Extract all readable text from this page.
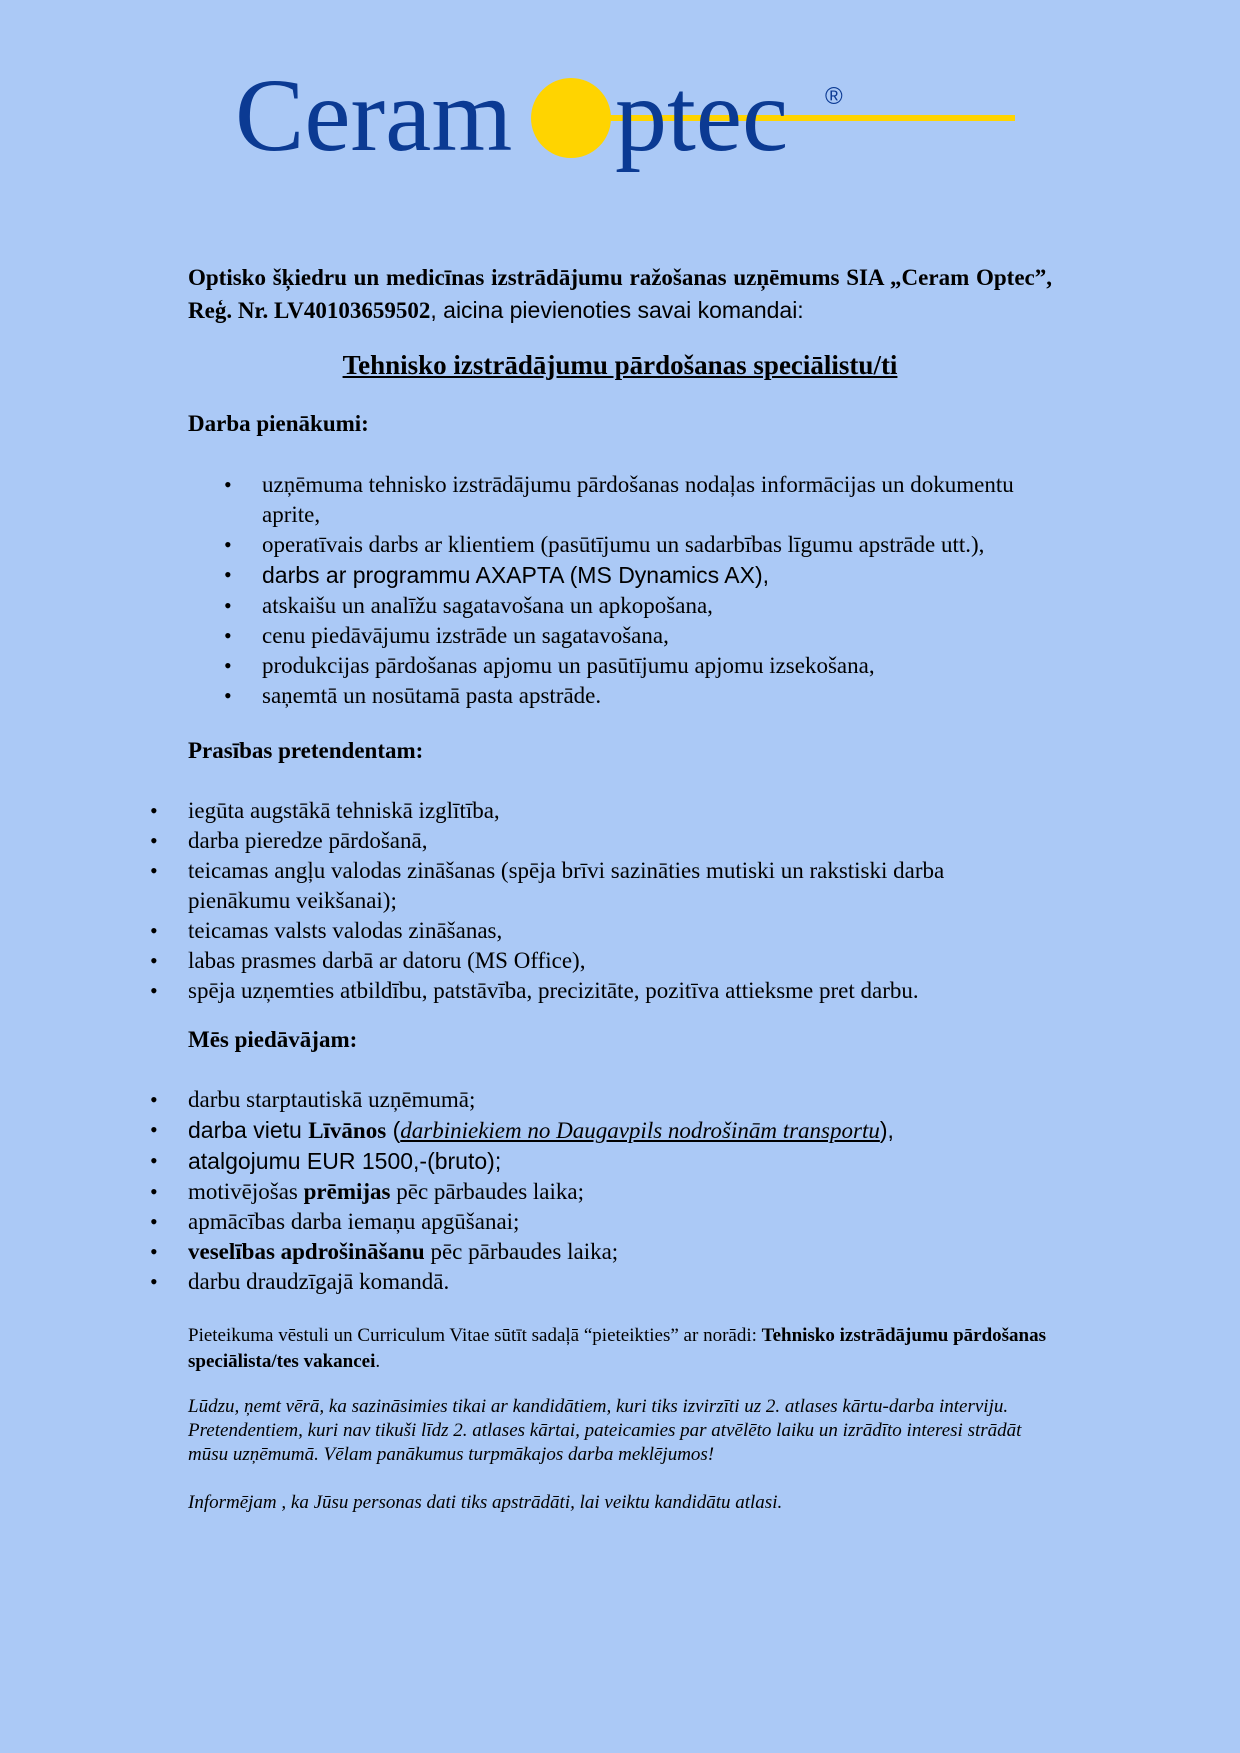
Ceram ptec ®
Optisko šķiedru un medicīnas izstrādājumu ražošanas uzņēmums SIA „Ceram Optec”, Reģ. Nr. LV40103659502, aicina pievienoties savai komandai:
Tehnisko izstrādājumu pārdošanas speciālistu/ti
Darba pienākumi:
• uzņēmuma tehnisko izstrādājumu pārdošanas nodaļas informācijas un dokumentu aprite,
• operatīvais darbs ar klientiem (pasūtījumu un sadarbības līgumu apstrāde utt.),
• darbs ar programmu AXAPTA (MS Dynamics AX),
• atskaišu un analīžu sagatavošana un apkopošana,
• cenu piedāvājumu izstrāde un sagatavošana,
• produkcijas pārdošanas apjomu un pasūtījumu apjomu izsekošana,
• saņemtā un nosūtamā pasta apstrāde.
Prasības pretendentam:
• iegūta augstākā tehniskā izglītība,
• darba pieredze pārdošanā,
• teicamas angļu valodas zināšanas (spēja brīvi sazināties mutiski un rakstiski darba pienākumu veikšanai);
• teicamas valsts valodas zināšanas,
• labas prasmes darbā ar datoru (MS Office),
• spēja uzņemties atbildību, patstāvība, precizitāte, pozitīva attieksme pret darbu.
Mēs piedāvājam:
• darbu starptautiskā uzņēmumā;
• darba vietu Līvānos (darbiniekiem no Daugavpils nodrošinām transportu),
• atalgojumu EUR 1500,-(bruto);
• motivējošas prēmijas pēc pārbaudes laika;
• apmācības darba iemaņu apgūšanai;
• veselības apdrošināšanu pēc pārbaudes laika;
• darbu draudzīgajā komandā.
Pieteikuma vēstuli un Curriculum Vitae sūtīt sadaļā “pieteikties” ar norādi: Tehnisko izstrādājumu pārdošanas speciālista/tes vakancei.

Lūdzu, ņemt vērā, ka sazināsimies tikai ar kandidātiem, kuri tiks izvirzīti uz 2. atlases kārtu-darba interviju.

Pretendentiem, kuri nav tikuši līdz 2. atlases kārtai, pateicamies par atvēlēto laiku un izrādīto interesi strādāt mūsu uzņēmumā. Vēlam panākumus turpmākajos darba meklējumos!

Informējam , ka Jūsu personas dati tiks apstrādāti, lai veiktu kandidātu atlasi.
